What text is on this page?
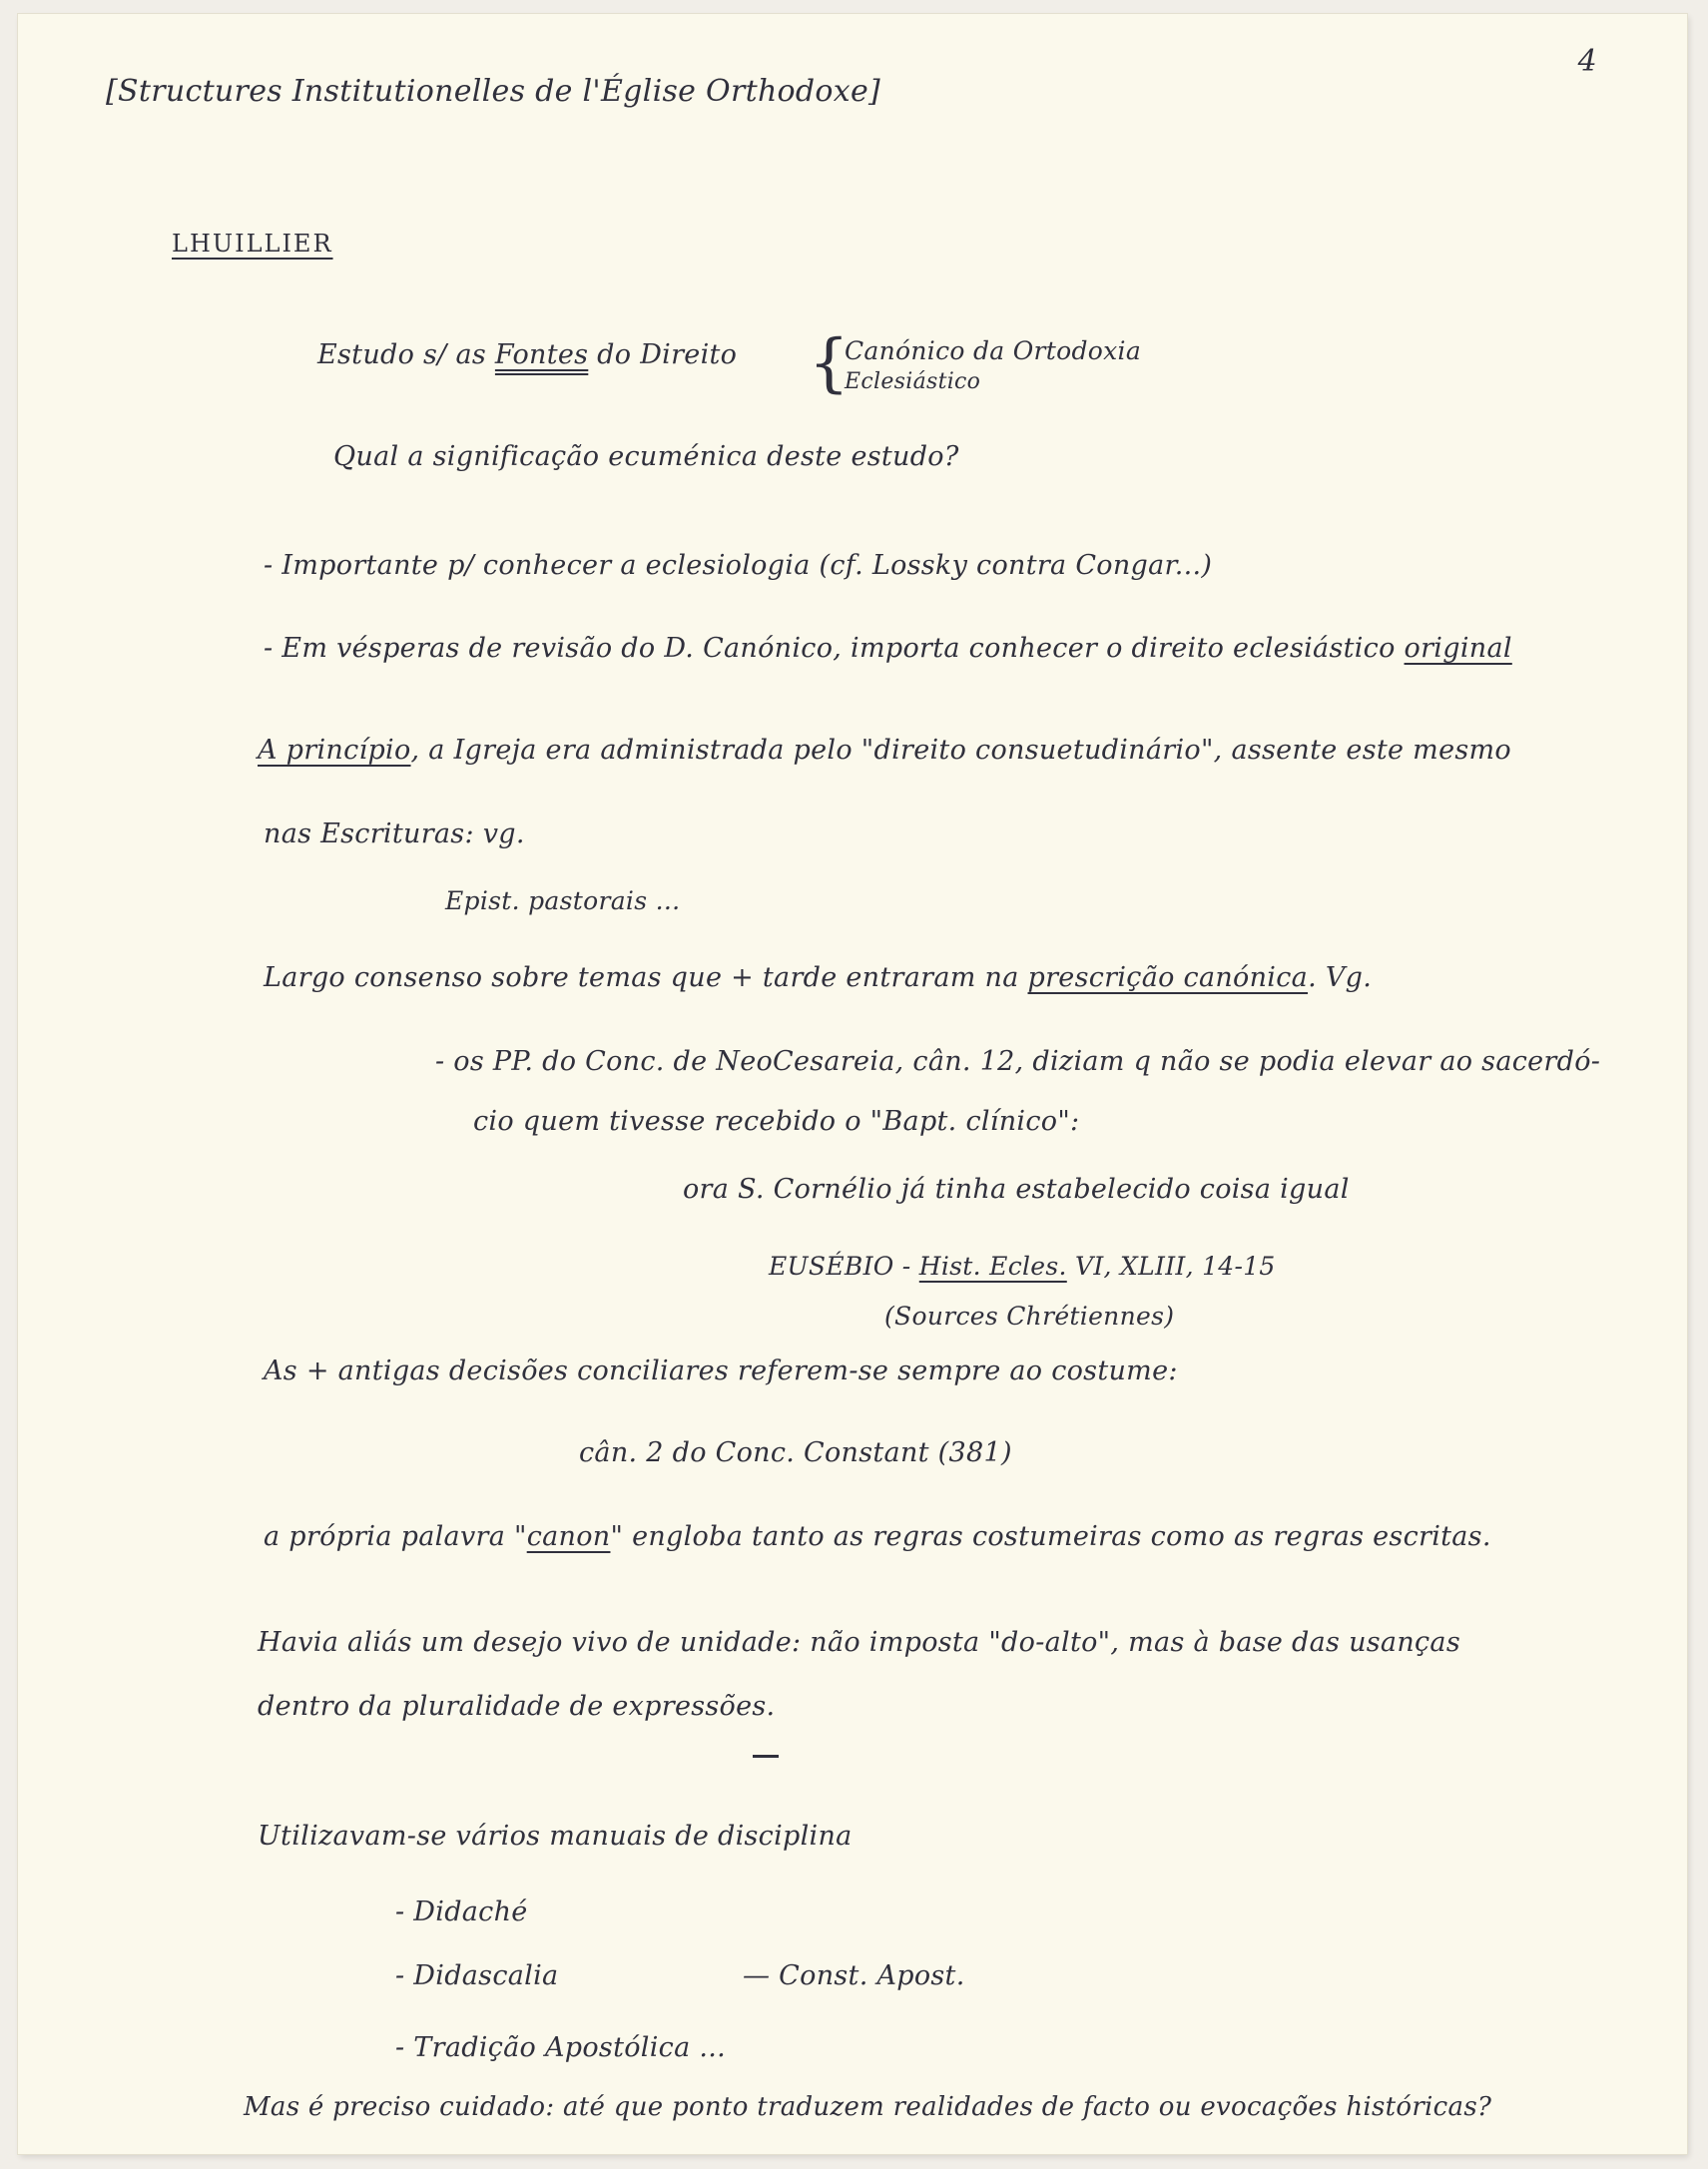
4
[Structures Institutionelles de l'Église Orthodoxe]
LHUILLIER
Estudo s/ as Fontes do Direito {
Canónico da Ortodoxia
Eclesiástico
Qual a significação ecuménica deste estudo?
- Importante p/ conhecer a eclesiologia (cf. Lossky contra Congar...)
- Em vésperas de revisão do D. Canónico, importa conhecer o direito eclesiástico original
A princípio, a Igreja era administrada pelo "direito consuetudinário", assente este mesmo
nas Escrituras: vg.
Epist. pastorais ...
Largo consenso sobre temas que + tarde entraram na prescrição canónica. Vg.
- os PP. do Conc. de NeoCesareia, cân. 12, diziam q não se podia elevar ao sacerdó-
cio quem tivesse recebido o "Bapt. clínico":
ora S. Cornélio já tinha estabelecido coisa igual
EUSÉBIO - Hist. Ecles. VI, XLIII, 14-15
(Sources Chrétiennes)
As + antigas decisões conciliares referem-se sempre ao costume:
cân. 2 do Conc. Constant (381)
a própria palavra "canon" engloba tanto as regras costumeiras como as regras escritas.
Havia aliás um desejo vivo de unidade: não imposta "do-alto", mas à base das usanças
dentro da pluralidade de expressões.
Utilizavam-se vários manuais de disciplina
- Didaché
- Didascalia	— Const. Apost.
- Tradição Apostólica ...
Mas é preciso cuidado: até que ponto traduzem realidades de facto ou evocações históricas?
